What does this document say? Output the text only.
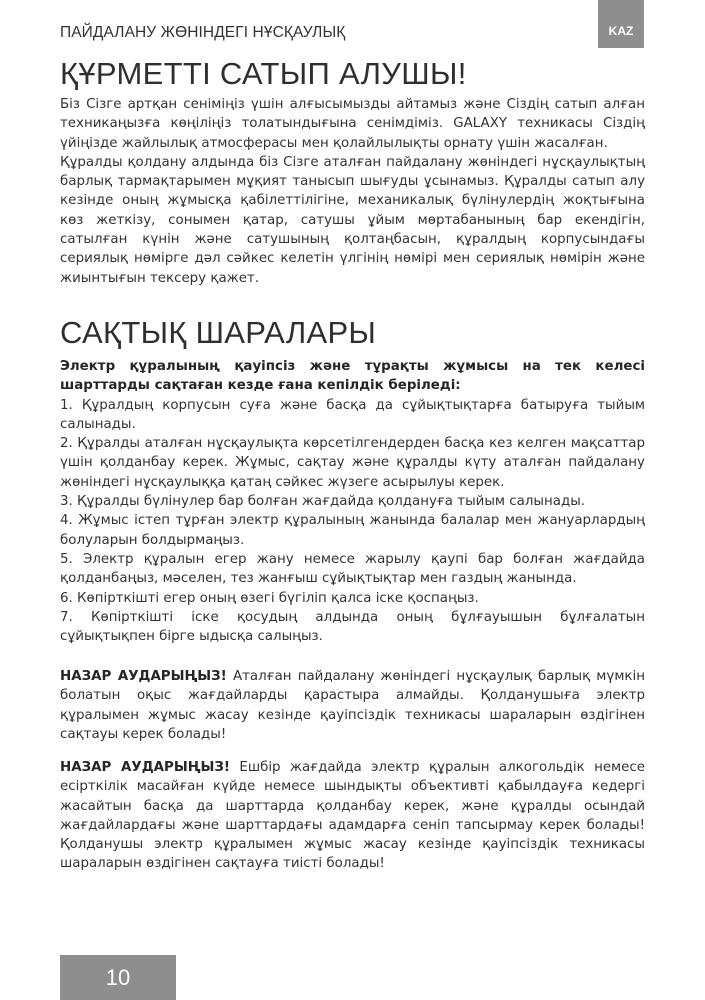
ПАЙДАЛАНУ ЖӨНІНДЕГІ НҰСҚАУЛЫҚ	KAZ
ҚҰРМЕТТІ САТЫП АЛУШЫ!

Біз Сізге артқан сеніміңіз үшін алғысымызды айтамыз және Сіздің сатып алған техникаңызға көңіліңіз толатындығына сенімдіміз. GALAXY техникасы Сіздің үйіңізде жайлылық атмосферасы мен қолайлылықты орнату үшін жасалған.

Құралды қолдану алдында біз Сізге аталған пайдалану жөніндегі нұсқаулықтың барлық тармақтарымен мұқият танысып шығуды ұсынамыз. Құралды сатып алу кезінде оның жұмысқа қабілеттілігіне, механикалық бүлінулердің жоқтығына көз жеткізу, сонымен қатар, сатушы ұйым мөртабанының бар екендігін, сатылған күнін және сатушының қолтаңбасын, құралдың корпусындағы сериялық нөмірге дәл сәйкес келетін үлгінің нөмірі мен сериялық нөмірін және жиынтығын тексеру қажет.

САҚТЫҚ ШАРАЛАРЫ

Электр құралының қауіпсіз және тұрақты жұмысы на тек келесі шарттарды сақтаған кезде ғана кепілдік беріледі:

1. Құралдың корпусын суға және басқа да сұйықтықтарға батыруға тыйым салынады.

2. Құралды аталған нұсқаулықта көрсетілгендерден басқа кез келген мақсаттар үшін қолданбау керек. Жұмыс, сақтау және құралды күту аталған пайдалану жөніндегі нұсқаулыққа қатаң сәйкес жүзеге асырылуы керек.

3. Құралды бүлінулер бар болған жағдайда қолдануға тыйым салынады.

4. Жұмыс істеп тұрған электр құралының жанында балалар мен жануарлардың болуларын болдырмаңыз.

5. Электр құралын егер жану немесе жарылу қаупі бар болған жағдайда қолданбаңыз, мәселен, тез жанғыш сұйықтықтар мен газдың жанында.

6. Көпірткішті егер оның өзегі бүгіліп қалса іске қоспаңыз.

7. Көпірткішті іске қосудың алдында оның бұлғауышын бұлғалатын сұйықтықпен бірге ыдысқа салыңыз.

НАЗАР АУДАРЫҢЫЗ! Аталған пайдалану жөніндегі нұсқаулық барлық мүмкін болатын оқыс жағдайларды қарастыра алмайды. Қолданушыға электр құралымен жұмыс жасау кезінде қауіпсіздік техникасы шараларын өздігінен сақтауы керек болады!

НАЗАР АУДАРЫҢЫЗ! Ешбір жағдайда электр құралын алкогольдік немесе есірткілік масайған күйде немесе шындықты объективті қабылдауға кедергі жасайтын басқа да шарттарда қолданбау керек, және құралды осындай жағдайлардағы және шарттардағы адамдарға сеніп тапсырмау керек болады! Қолданушы электр құралымен жұмыс жасау кезінде қауіпсіздік техникасы шараларын өздігінен сақтауға тиісті болады!

10
